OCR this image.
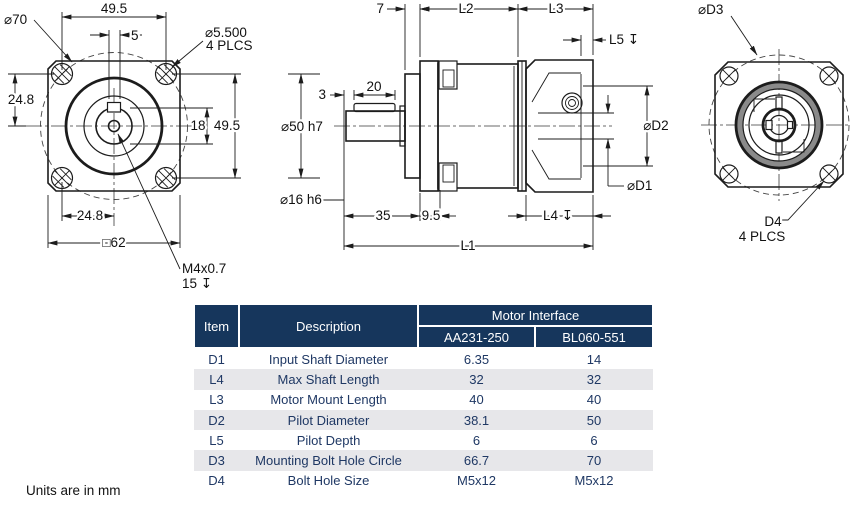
49.5
⌀70
5	⌀5.500
4 PLCS
24.8
18 49.5
24.8
□62
M4x0.7
15 ↧
⌀50 h7
⌀16 h6
3
20
7	L2	L3
L5 ↧
⌀D2
⌀D1
35 9.5	L4 ↧
L1
⌀D3
D4
4 PLCS
Item	Description	Motor Interface	
		AA231-250	BL060-551
D1	Input Shaft Diameter	6.35	14
L4	Max Shaft Length	32	32
L3	Motor Mount Length	40	40
D2	Pilot Diameter	38.1	50
L5	Pilot Depth	6	6
D3	Mounting Bolt Hole Circle	66.7	70
D4	Bolt Hole Size	M5x12	M5x12
Units are in mm
